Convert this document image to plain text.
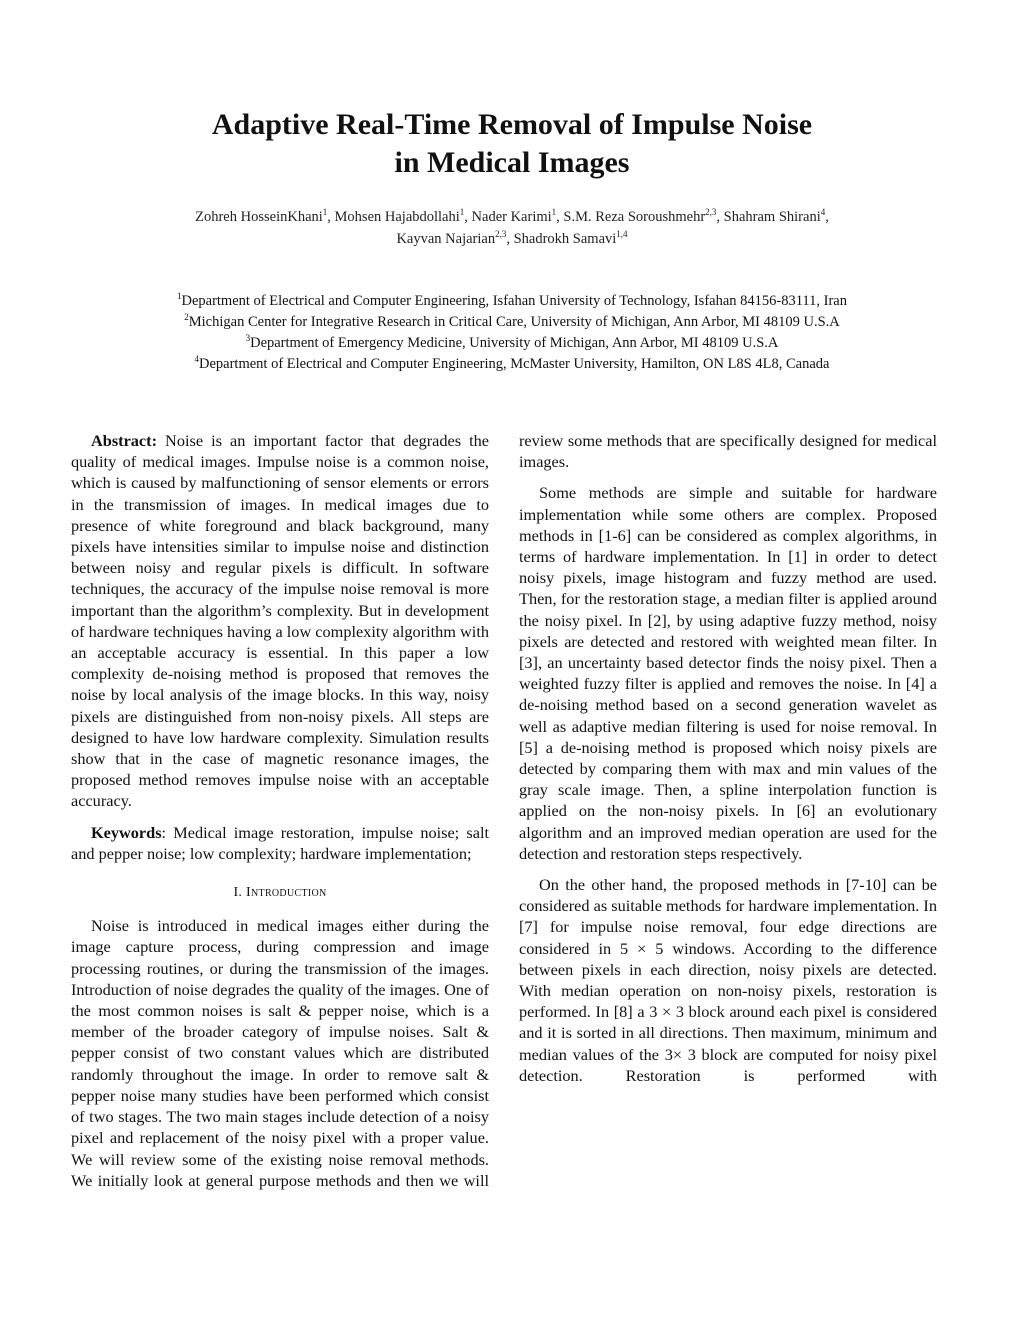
Adaptive Real-Time Removal of Impulse Noise
in Medical Images
Zohreh HosseinKhani$^1$, Mohsen Hajabdollahi$^1$, Nader Karimi$^1$, S.M. Reza Soroushmehr$^{2,3}$, Shahram Shirani$^4$,
Kayvan Najarian$^{2,3}$, Shadrokh Samavi$^{1,4}$
$^1$Department of Electrical and Computer Engineering, Isfahan University of Technology, Isfahan 84156-83111, Iran
$^2$Michigan Center for Integrative Research in Critical Care, University of Michigan, Ann Arbor, MI 48109 U.S.A
$^3$Department of Emergency Medicine, University of Michigan, Ann Arbor, MI 48109 U.S.A
$^4$Department of Electrical and Computer Engineering, McMaster University, Hamilton, ON L8S 4L8, Canada

Abstract: Noise is an important factor that degrades the quality of medical images. Impulse noise is a common noise, which is caused by malfunctioning of sensor elements or errors in the transmission of images. In medical images due to presence of white foreground and black background, many pixels have intensities similar to impulse noise and distinction between noisy and regular pixels is difficult. In software techniques, the accuracy of the impulse noise removal is more important than the algorithm’s complexity. But in development of hardware techniques having a low complexity algorithm with an acceptable accuracy is essential. In this paper a low complexity de-noising method is proposed that removes the noise by local analysis of the image blocks. In this way, noisy pixels are distinguished from non-noisy pixels. All steps are designed to have low hardware complexity. Simulation results show that in the case of magnetic resonance images, the proposed method removes impulse noise with an acceptable accuracy.

Keywords: Medical image restoration, impulse noise; salt and pepper noise; low complexity; hardware implementation;

I. Introduction

Noise is introduced in medical images either during the image capture process, during compression and image processing routines, or during the transmission of the images. Introduction of noise degrades the quality of the images. One of the most common noises is salt & pepper noise, which is a member of the broader category of impulse noises. Salt & pepper consist of two constant values which are distributed randomly throughout the image. In order to remove salt & pepper noise many studies have been performed which consist of two stages. The two main stages include detection of a noisy pixel and replacement of the noisy pixel with a proper value. We will review some of the existing noise removal methods. We initially look at general purpose methods and then we will

review some methods that are specifically designed for medical images.

Some methods are simple and suitable for hardware implementation while some others are complex. Proposed methods in [1-6] can be considered as complex algorithms, in terms of hardware implementation. In [1] in order to detect noisy pixels, image histogram and fuzzy method are used. Then, for the restoration stage, a median filter is applied around the noisy pixel. In [2], by using adaptive fuzzy method, noisy pixels are detected and restored with weighted mean filter. In [3], an uncertainty based detector finds the noisy pixel. Then a weighted fuzzy filter is applied and removes the noise. In [4] a de-noising method based on a second generation wavelet as well as adaptive median filtering is used for noise removal. In [5] a de-noising method is proposed which noisy pixels are detected by comparing them with max and min values of the gray scale image. Then, a spline interpolation function is applied on the non-noisy pixels. In [6] an evolutionary algorithm and an improved median operation are used for the detection and restoration steps respectively.

On the other hand, the proposed methods in [7-10] can be considered as suitable methods for hardware implementation. In [7] for impulse noise removal, four edge directions are considered in 5 × 5 windows. According to the difference between pixels in each direction, noisy pixels are detected. With median operation on non-noisy pixels, restoration is performed. In [8] a 3 × 3 block around each pixel is considered and it is sorted in all directions. Then maximum, minimum and median values of the 3× 3 block are computed for noisy pixel detection. Restoration is performed with
